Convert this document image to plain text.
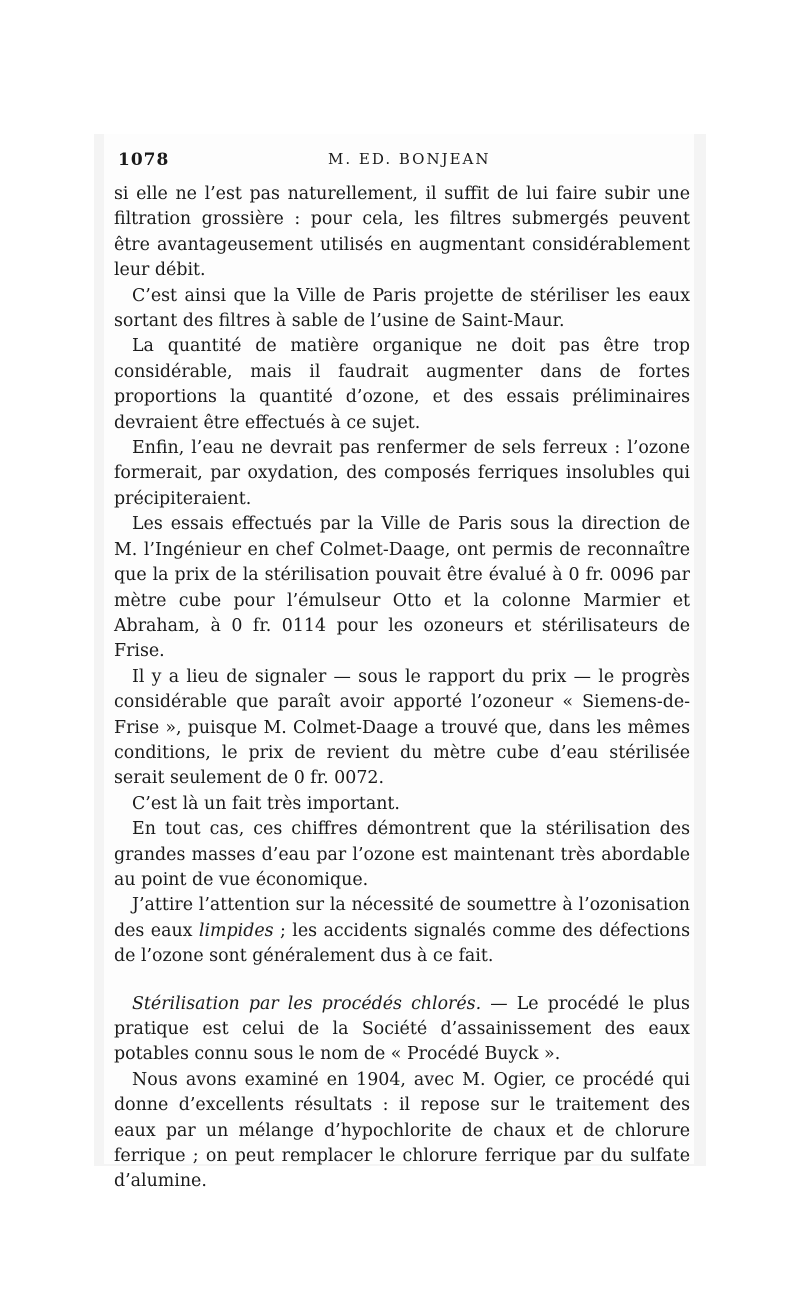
1078	M. ED. BONJEAN

si elle ne l’est pas naturellement, il suffit de lui faire subir une filtration grossière : pour cela, les filtres submergés peuvent être avantageusement utilisés en augmentant considérablement leur débit.

C’est ainsi que la Ville de Paris projette de stériliser les eaux sortant des filtres à sable de l’usine de Saint-Maur.

La quantité de matière organique ne doit pas être trop considérable, mais il faudrait augmenter dans de fortes proportions la quantité d’ozone, et des essais préliminaires devraient être effectués à ce sujet.

Enfin, l’eau ne devrait pas renfermer de sels ferreux : l’ozone formerait, par oxydation, des composés ferriques insolubles qui précipiteraient.

Les essais effectués par la Ville de Paris sous la direction de M. l’Ingénieur en chef Colmet-Daage, ont permis de reconnaître que la prix de la stérilisation pouvait être évalué à 0 fr. 0096 par mètre cube pour l’émulseur Otto et la colonne Marmier et Abraham, à 0 fr. 0114 pour les ozoneurs et stérilisateurs de Frise.

Il y a lieu de signaler — sous le rapport du prix — le progrès considérable que paraît avoir apporté l’ozoneur « Siemens-de-Frise », puisque M. Colmet-Daage a trouvé que, dans les mêmes conditions, le prix de revient du mètre cube d’eau stérilisée serait seulement de 0 fr. 0072.

C’est là un fait très important.

En tout cas, ces chiffres démontrent que la stérilisation des grandes masses d’eau par l’ozone est maintenant très abordable au point de vue économique.

J’attire l’attention sur la nécessité de soumettre à l’ozonisation des eaux limpides ; les accidents signalés comme des défections de l’ozone sont généralement dus à ce fait.

Stérilisation par les procédés chlorés. — Le procédé le plus pratique est celui de la Société d’assainissement des eaux potables connu sous le nom de « Procédé Buyck ».

Nous avons examiné en 1904, avec M. Ogier, ce procédé qui donne d’excellents résultats : il repose sur le traitement des eaux par un mélange d’hypochlorite de chaux et de chlorure ferrique ; on peut remplacer le chlorure ferrique par du sulfate d’alumine.
